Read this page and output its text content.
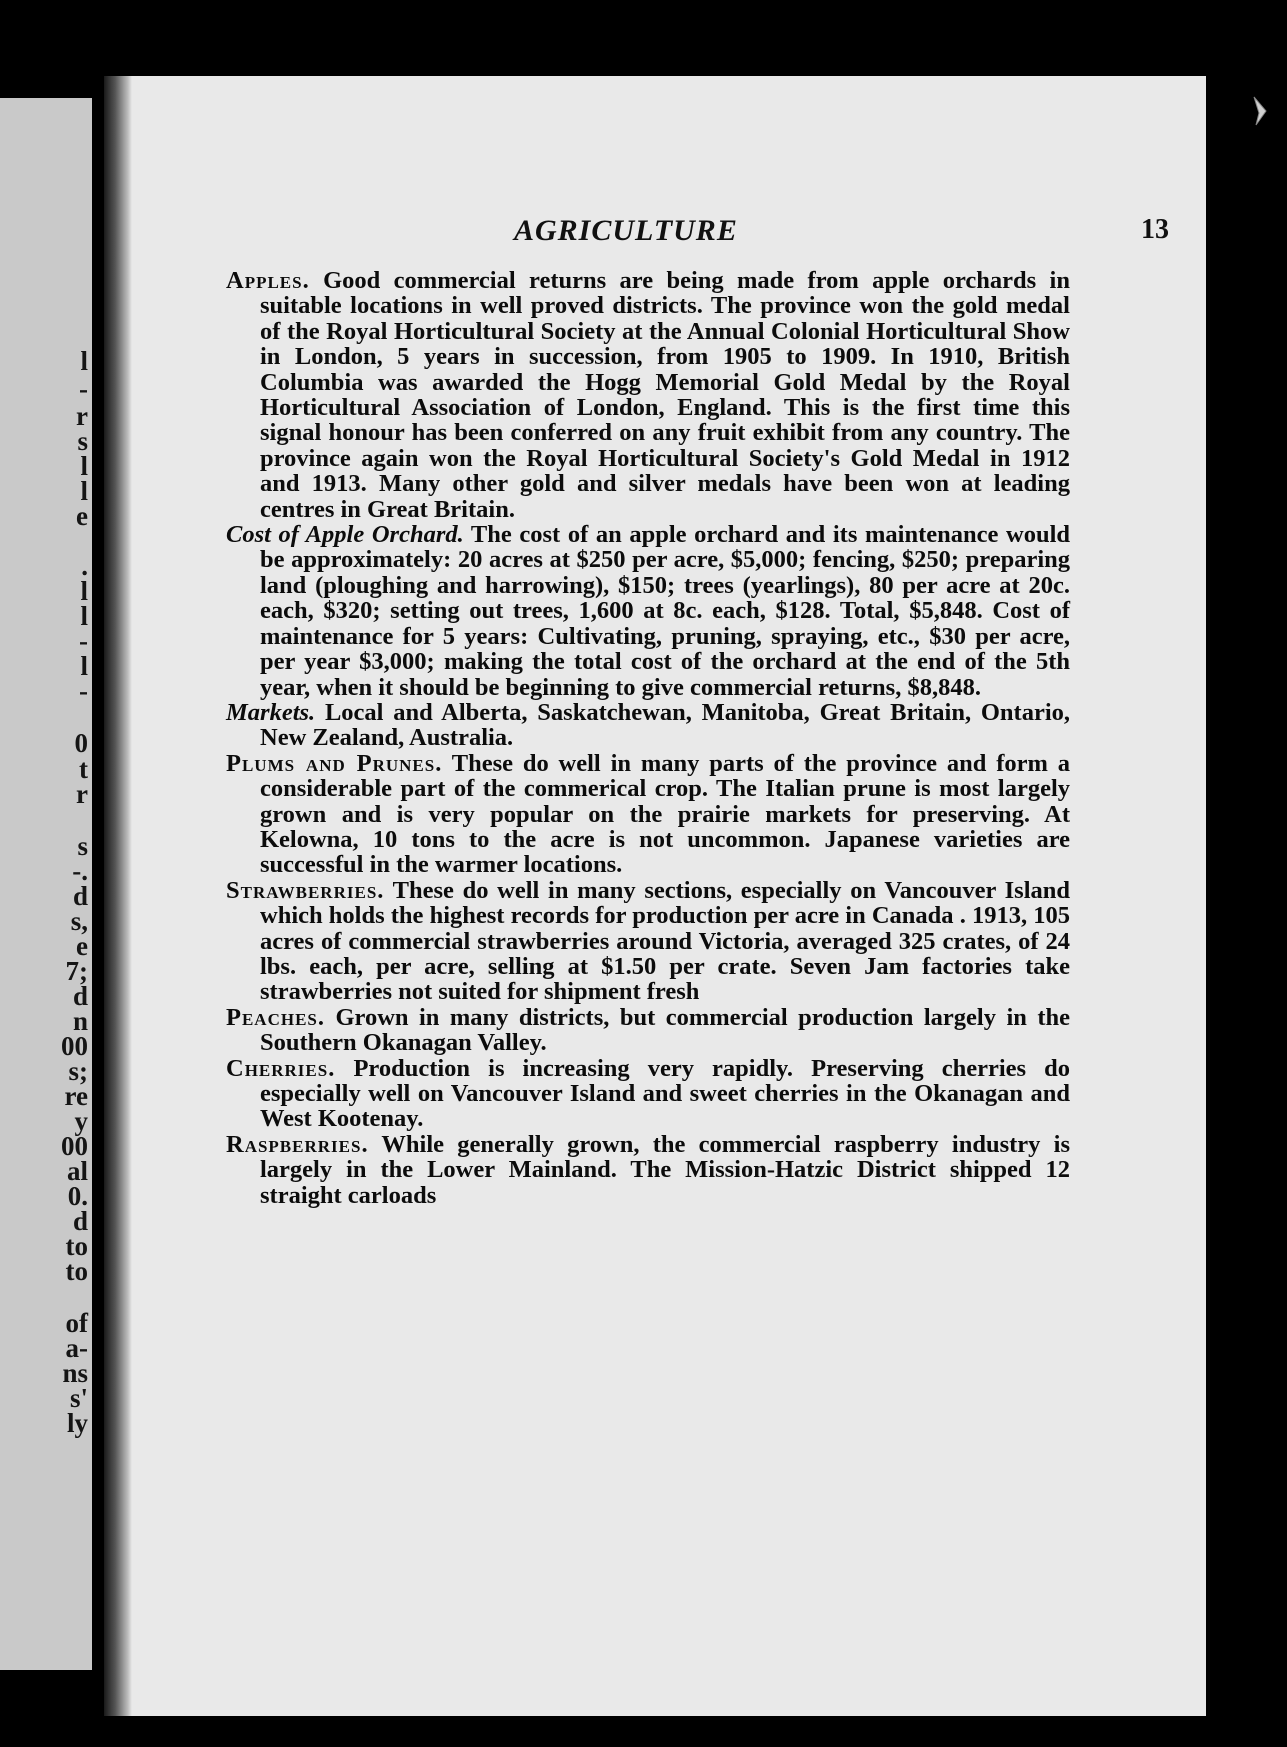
l
-
r
s
l
l
e
.
l
l
-
l
-
0
t
r
s
-.
d
s,
e
7;
d
n
00
s;
re
y
00
al
0.
d
to
to
of
a-
ns
s'
ly
AGRICULTURE	13

Apples. Good commercial returns are being made from apple orchards in suitable locations in well proved districts. The province won the gold medal of the Royal Horticultural Society at the Annual Colonial Horticultural Show in London, 5 years in succession, from 1905 to 1909. In 1910, British Columbia was awarded the Hogg Memorial Gold Medal by the Royal Horticultural Association of London, England. This is the first time this signal honour has been conferred on any fruit exhibit from any country. The province again won the Royal Horticultural Society's Gold Medal in 1912 and 1913. Many other gold and silver medals have been won at leading centres in Great Britain.

Cost of Apple Orchard. The cost of an apple orchard and its maintenance would be approximately: 20 acres at $250 per acre, $5,000; fencing, $250; preparing land (ploughing and harrowing), $150; trees (yearlings), 80 per acre at 20c. each, $320; setting out trees, 1,600 at 8c. each, $128. Total, $5,848. Cost of maintenance for 5 years: Cultivating, pruning, spraying, etc., $30 per acre, per year $3,000; making the total cost of the orchard at the end of the 5th year, when it should be beginning to give commercial returns, $8,848.

Markets. Local and Alberta, Saskatchewan, Manitoba, Great Britain, Ontario, New Zealand, Australia.

Plums and Prunes. These do well in many parts of the province and form a considerable part of the commerical crop. The Italian prune is most largely grown and is very popular on the prairie markets for preserving. At Kelowna, 10 tons to the acre is not uncommon. Japanese varieties are successful in the warmer locations.

Strawberries. These do well in many sections, especially on Vancouver Island which holds the highest records for production per acre in Canada . 1913, 105 acres of commercial strawberries around Victoria, averaged 325 crates, of 24 lbs. each, per acre, selling at $1.50 per crate. Seven Jam factories take strawberries not suited for shipment fresh

Peaches. Grown in many districts, but commercial production largely in the Southern Okanagan Valley.

Cherries. Production is increasing very rapidly. Preserving cherries do especially well on Vancouver Island and sweet cherries in the Okanagan and West Kootenay.

Raspberries. While generally grown, the commercial raspberry industry is largely in the Lower Mainland. The Mission-Hatzic District shipped 12 straight carloads
